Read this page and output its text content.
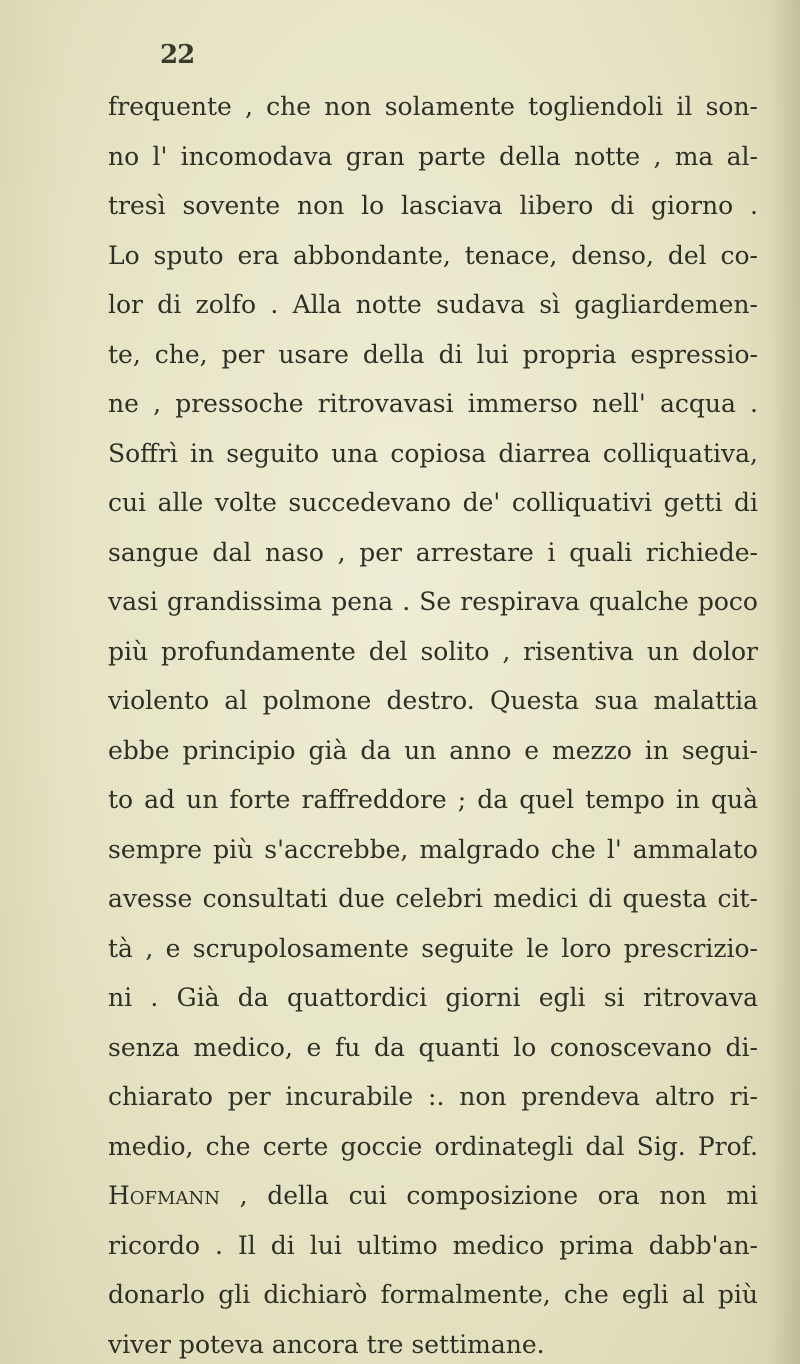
22
frequente , che non solamente togliendoli il son-
no l' incomodava gran parte della notte , ma al-
tresì sovente non lo lasciava libero di giorno .
Lo sputo era abbondante, tenace, denso, del co-
lor di zolfo . Alla notte sudava sì gagliardemen-
te, che, per usare della di lui propria espressio-
ne , pressoche ritrovavasi immerso nell' acqua .
Soffrì in seguito una copiosa diarrea colliquativa,
cui alle volte succedevano de' colliquativi getti di
sangue dal naso , per arrestare i quali richiede-
vasi grandissima pena . Se respirava qualche poco
più profundamente del solito , risentiva un dolor
violento al polmone destro. Questa sua malattia
ebbe principio già da un anno e mezzo in segui-
to ad un forte raffreddore ; da quel tempo in quà
sempre più s'accrebbe, malgrado che l' ammalato
avesse consultati due celebri medici di questa cit-
tà , e scrupolosamente seguite le loro prescrizio-
ni . Già da quattordici giorni egli si ritrovava
senza medico, e fu da quanti lo conoscevano di-
chiarato per incurabile :. non prendeva altro ri-
medio, che certe goccie ordinategli dal Sig. Prof.
Hofmann , della cui composizione ora non mi
ricordo . Il di lui ultimo medico prima dabb'an-
donarlo gli dichiarò formalmente, che egli al più
viver poteva ancora tre settimane.
